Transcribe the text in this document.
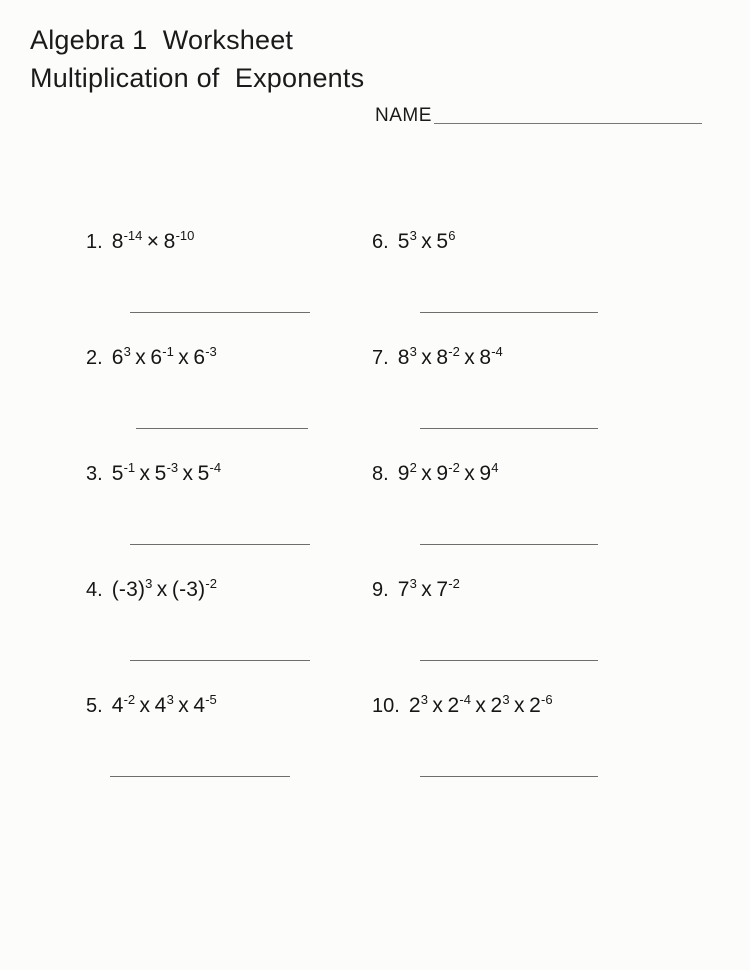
Algebra 1  Worksheet
Multiplication of  Exponents
NAME
1. $8^{-14} \times 8^{-10}$	6. $5^3$ x $5^6$
2. $6^3$ x $6^{-1}$ x $6^{-3}$	7. $8^3$ x $8^{-2}$ x $8^{-4}$
3. $5^{-1}$ x $5^{-3}$ x $5^{-4}$	8. $9^2$ x $9^{-2}$ x $9^4$
4. $(-3)^3$ x $(-3)^{-2}$	9. $7^3$ x $7^{-2}$
5. $4^{-2}$ x $4^3$ x $4^{-5}$	10. $2^3$ x $2^{-4}$ x $2^3$ x $2^{-6}$
